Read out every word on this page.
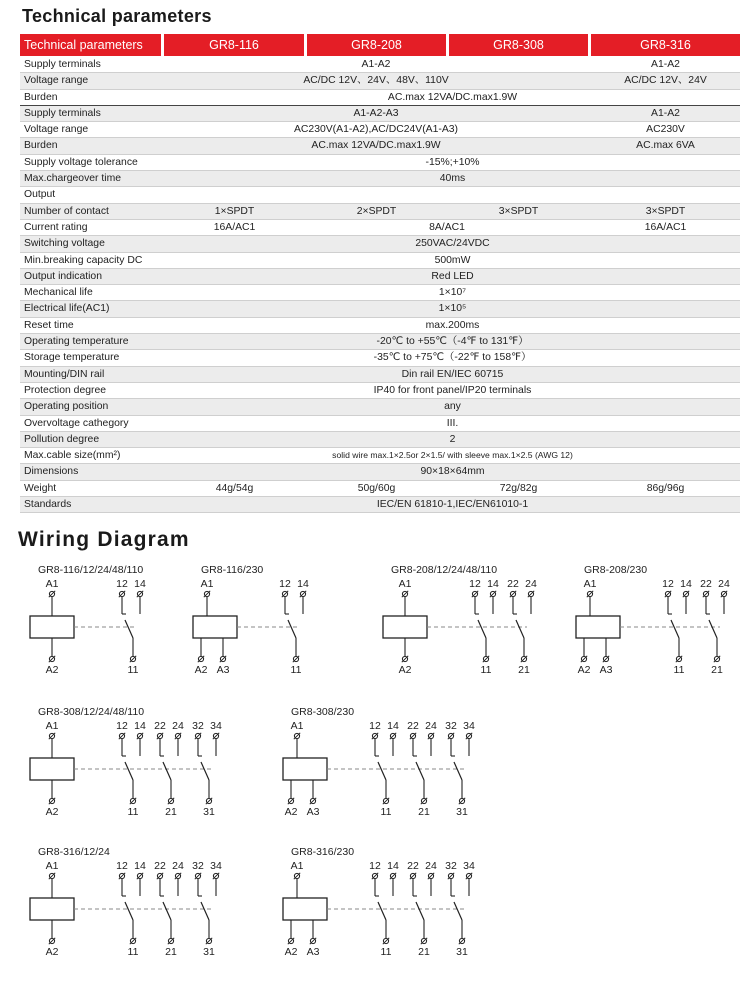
Technical parameters
Technical parameters	GR8-116	GR8-208	GR8-308	GR8-316
Supply terminals	A1-A2	A1-A2
Voltage range	AC/DC 12V、24V、48V、110V	AC/DC 12V、24V
Burden	AC.max 12VA/DC.max1.9W
Supply terminals	A1-A2-A3	A1-A2
Voltage range	AC230V(A1-A2),AC/DC24V(A1-A3)	AC230V
Burden	AC.max 12VA/DC.max1.9W	AC.max 6VA
Supply voltage tolerance	-15%;+10%
Max.chargeover time	40ms
Output
Number of contact	1×SPDT	2×SPDT	3×SPDT	3×SPDT
Current rating	16A/AC1	8A/AC1	16A/AC1
Switching voltage	250VAC/24VDC
Min.breaking capacity DC	500mW
Output indication	Red LED
Mechanical life	1×10⁷
Electrical life(AC1)	1×10⁵
Reset time	max.200ms
Operating temperature	-20℃ to +55℃（-4℉ to 131℉）
Storage temperature	-35℃ to +75℃（-22℉ to 158℉）
Mounting/DIN rail	Din rail EN/IEC 60715
Protection degree	IP40 for front panel/IP20 terminals
Operating position	any
Overvoltage cathegory	III.
Pollution degree	2
Max.cable size(mm²)	solid wire max.1×2.5or 2×1.5/ with sleeve max.1×2.5 (AWG 12)
Dimensions	90×18×64mm
Weight	44g/54g	50g/60g	72g/82g	86g/96g
Standards	IEC/EN 61810-1,IEC/EN61010-1
Wiring Diagram
GR8-116/12/24/48/110
A1
A2
12 14
11
GR8-116/230
A1
A2 A3
12 14
11
GR8-208/12/24/48/110
A1
A2
12 14
11
22 24
21
GR8-208/230
A1
A2 A3
12 14
11
22 24
21
GR8-308/12/24/48/110
A1
A2
12 14
11
22 24
21
32 34
31
GR8-308/230
A1
A2 A3
12 14
11
22 24
21
32 34
31
GR8-316/12/24
A1
A2
12 14
11
22 24
21
32 34
31
GR8-316/230
A1
A2 A3
12 14
11
22 24
21
32 34
31
